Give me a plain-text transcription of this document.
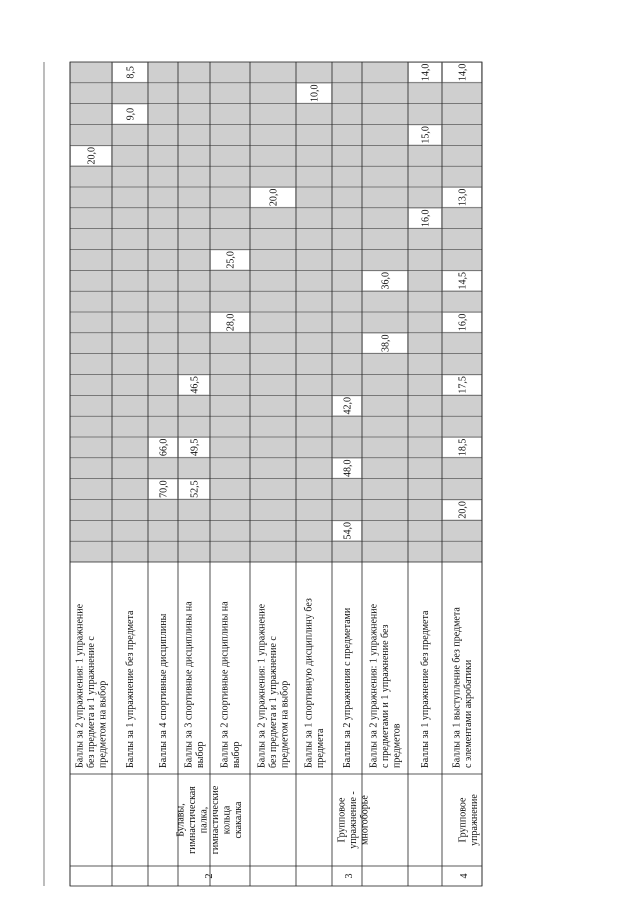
Баллы за 2 упражнения: 1 упражнениебез предмета и 1 упражнение спредметом на выбор
20,0
Баллы за 1 упражнение без предмета
9,0
8,5
Баллы за 4 спортивные дисциплины
Булавы,гимнастическаяпалка,гимнастическиекольцаскакалка
2
70,0
66,0
Баллы за 3 спортивные дисциплины навыбор
52,5
49,5
46,5
Баллы за 2 спортивные дисциплины навыбор
28,0
25,0
Баллы за 2 упражнения: 1 упражнениебез предмета и 1 упражнение спредметом на выбор
20,0
Баллы за 1 спортивную дисциплину безпредмета
10,0
Баллы за 2 упражнения с предметами
Групповоеупражнение -многоборье
3
54,0
48,0
42,0
Баллы за 2 упражнения: 1 упражнениес предметами и 1 упражнение безпредметов
38,0
36,0
Баллы за 1 упражнение без предмета
16,0
15,0
14,0
Баллы за 1 выступление без предметас элементами акробатики
Групповоеупражнение
4
20,0
18,5
17,5
16,0
14,5
13,0
14,0
